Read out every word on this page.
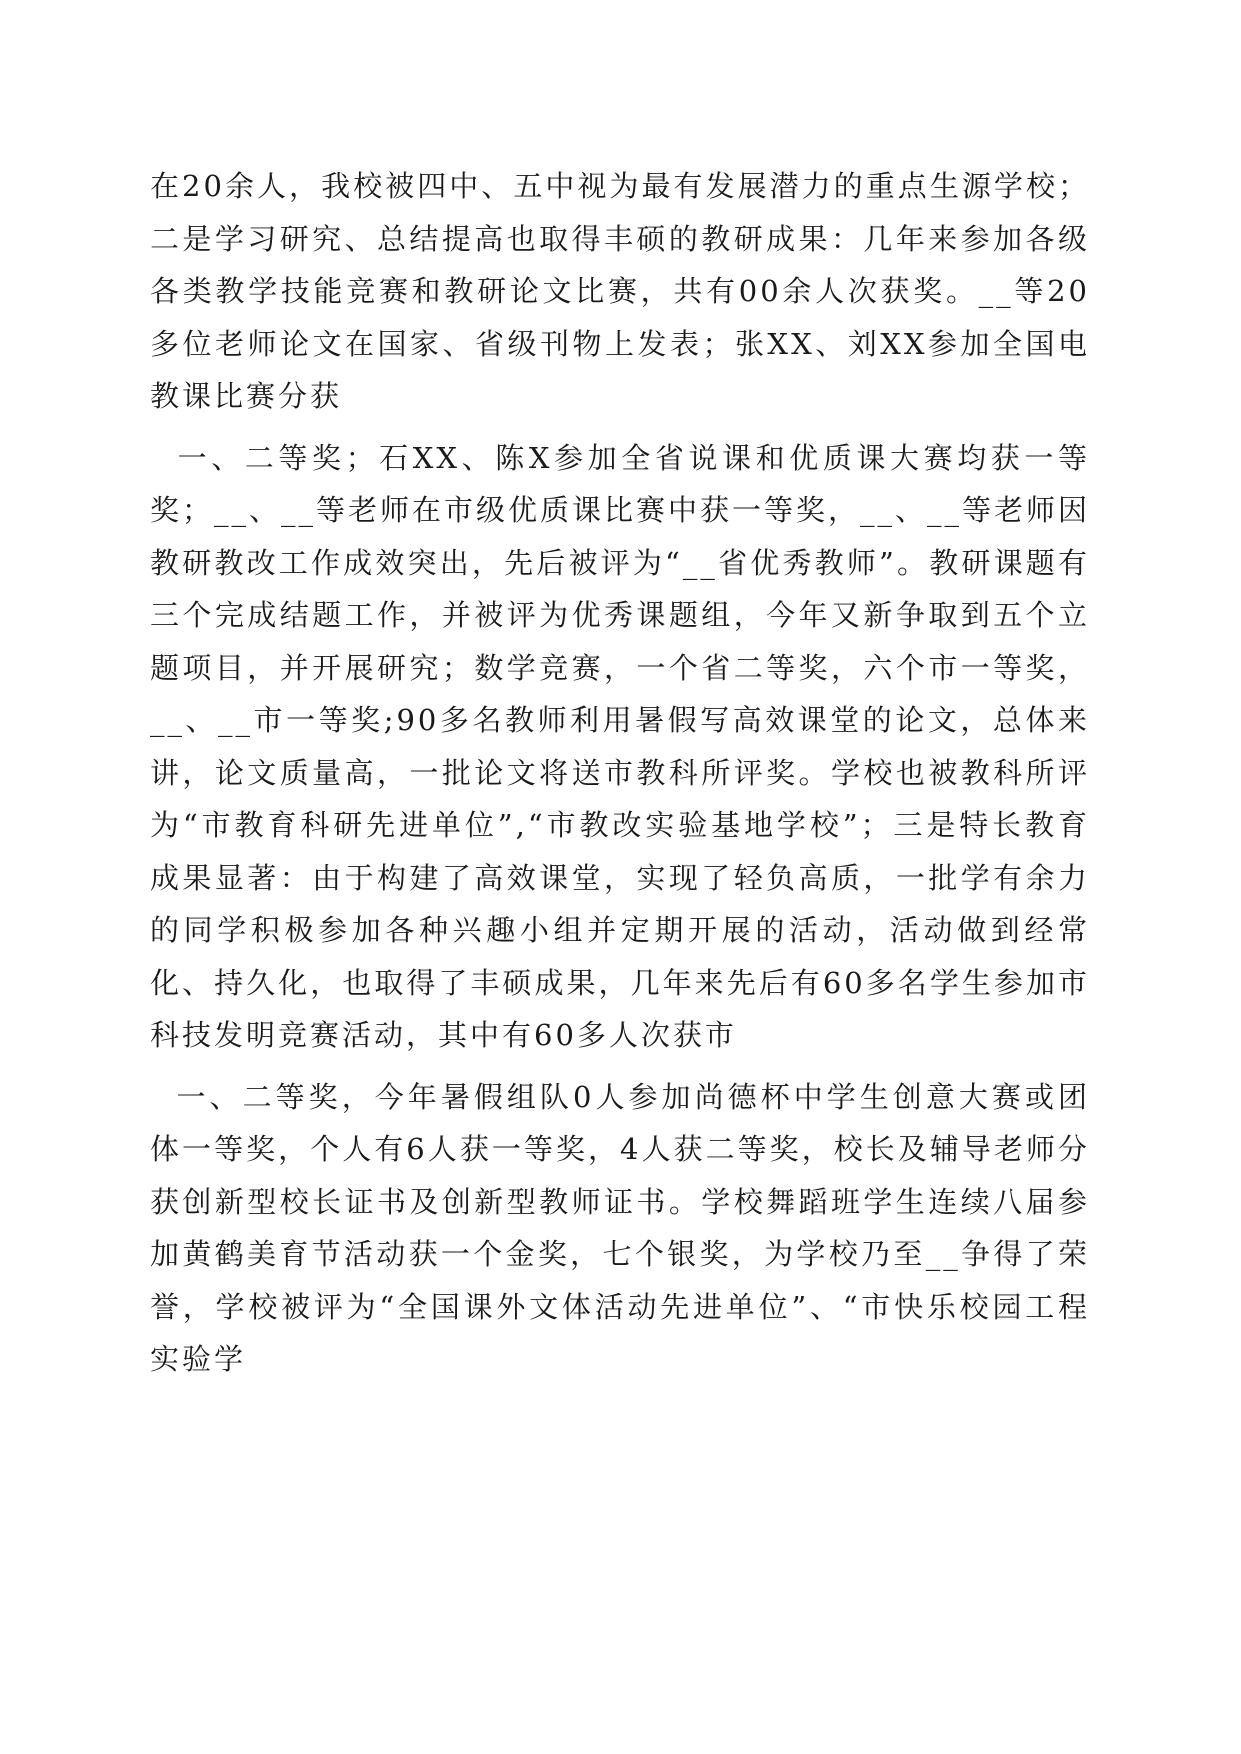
在20余人，我校被四中、五中视为最有发展潜力的重点生源学校；二是学习研究、总结提高也取得丰硕的教研成果：几年来参加各级各类教学技能竞赛和教研论文比赛，共有00余人次获奖。__等20多位老师论文在国家、省级刊物上发表；张XX、刘XX参加全国电教课比赛分获

一、二等奖；石XX、陈X参加全省说课和优质课大赛均获一等奖；__、__等老师在市级优质课比赛中获一等奖，__、__等老师因教研教改工作成效突出，先后被评为“__省优秀教师”。教研课题有三个完成结题工作，并被评为优秀课题组，今年又新争取到五个立题项目，并开展研究；数学竞赛，一个省二等奖，六个市一等奖，__、__市一等奖;90多名教师利用暑假写高效课堂的论文，总体来讲，论文质量高，一批论文将送市教科所评奖。学校也被教科所评为“市教育科研先进单位”,“市教改实验基地学校”；三是特长教育成果显著：由于构建了高效课堂，实现了轻负高质，一批学有余力的同学积极参加各种兴趣小组并定期开展的活动，活动做到经常化、持久化，也取得了丰硕成果，几年来先后有60多名学生参加市科技发明竞赛活动，其中有60多人次获市

一、二等奖，今年暑假组队0人参加尚德杯中学生创意大赛或团体一等奖，个人有6人获一等奖，4人获二等奖，校长及辅导老师分获创新型校长证书及创新型教师证书。学校舞蹈班学生连续八届参加黄鹤美育节活动获一个金奖，七个银奖，为学校乃至__争得了荣誉，学校被评为“全国课外文体活动先进单位”、“市快乐校园工程实验学
